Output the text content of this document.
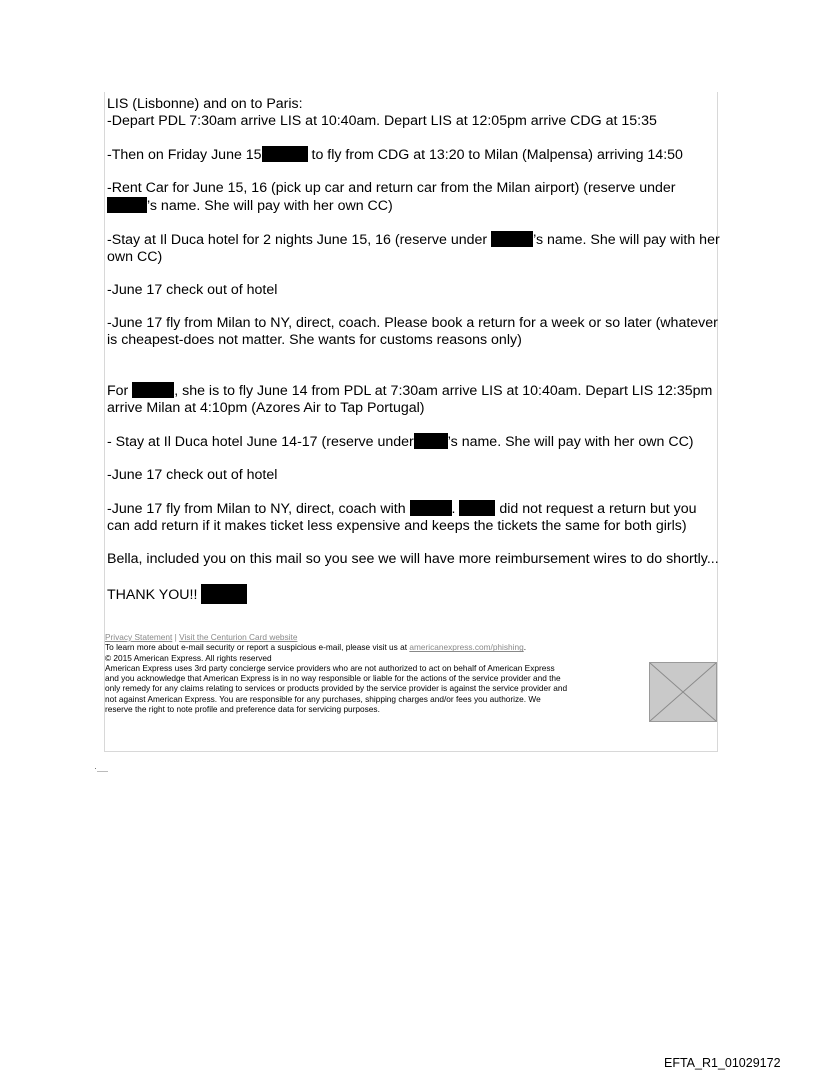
LIS (Lisbonne) and on to Paris:

-Depart PDL 7:30am arrive LIS at 10:40am. Depart LIS at 12:05pm arrive CDG at 15:35

-Then on Friday June 15	to fly from CDG at 13:20 to Milan (Malpensa) arriving 14:50

-Rent Car for June 15, 16 (pick up car and return car from the Milan airport) (reserve under

’s name. She will pay with her own CC)

-Stay at Il Duca hotel for 2 nights June 15, 16 (reserve under	’s name. She will pay with her

own CC)

-June 17 check out of hotel

-June 17 fly from Milan to NY, direct, coach. Please book a return for a week or so later (whatever

is cheapest-does not matter. She wants for customs reasons only)

For	, she is to fly June 14 from PDL at 7:30am arrive LIS at 10:40am. Depart LIS 12:35pm

arrive Milan at 4:10pm (Azores Air to Tap Portugal)

- Stay at Il Duca hotel June 14-17 (reserve under ’s name. She will pay with her own CC)

-June 17 check out of hotel

-June 17 fly from Milan to NY, direct, coach with	.	did not request a return but you

can add return if it makes ticket less expensive and keeps the tickets the same for both girls)

Bella, included you on this mail so you see we will have more reimbursement wires to do shortly...

THANK YOU!!

Privacy Statement | Visit the Centurion Card website

To learn more about e-mail security or report a suspicious e-mail, please visit us at americanexpress.com/phishing.

© 2015 American Express. All rights reserved

American Express uses 3rd party concierge service providers who are not authorized to act on behalf of American Express

and you acknowledge that American Express is in no way responsible or liable for the actions of the service provider and the

only remedy for any claims relating to services or products provided by the service provider is against the service provider and

not against American Express. You are responsible for any purchases, shipping charges and/or fees you authorize. We

reserve the right to note profile and preference data for servicing purposes.

EFTA_R1_01029172
